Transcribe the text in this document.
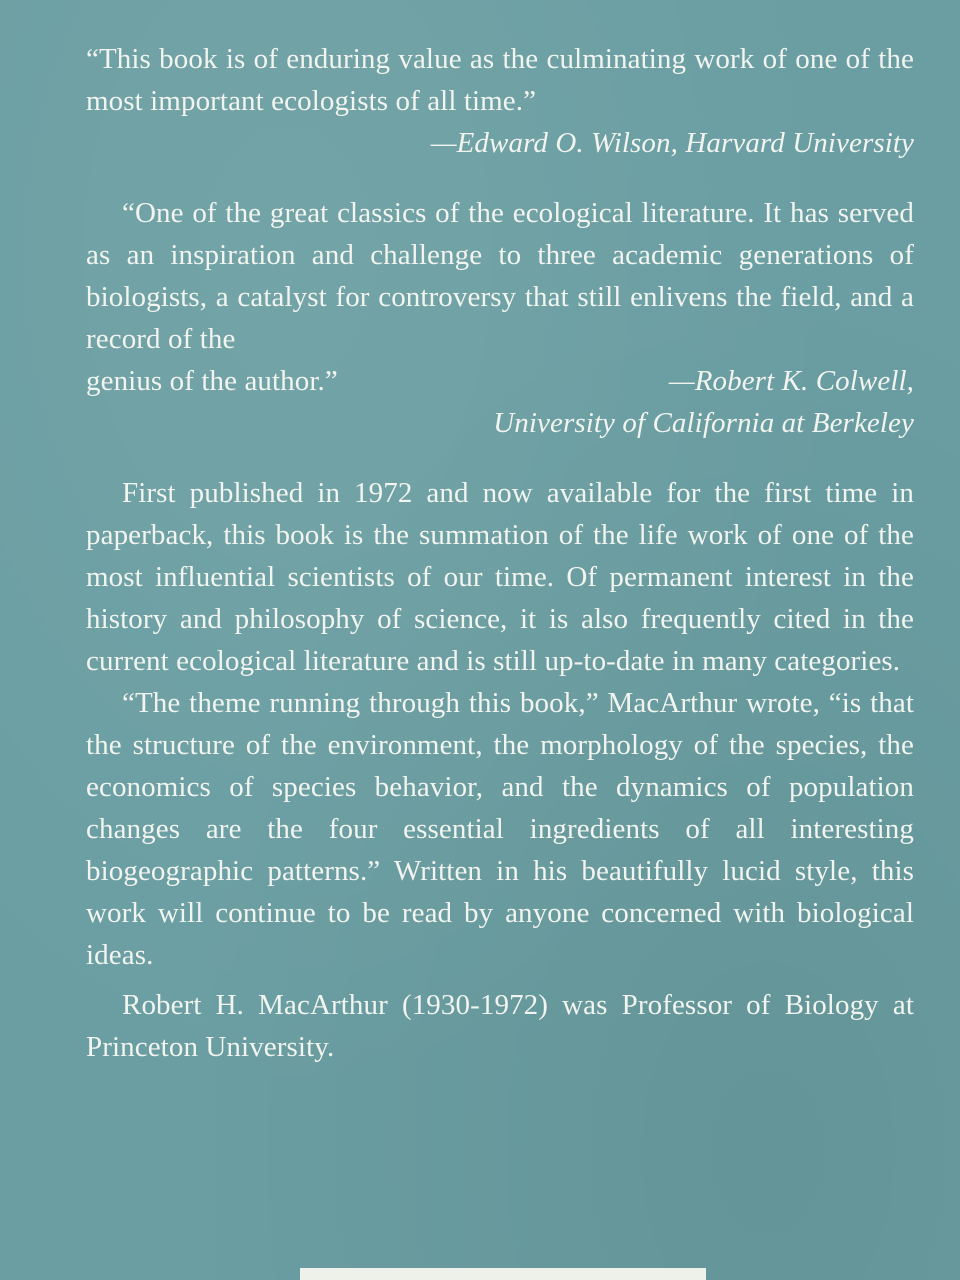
“This book is of enduring value as the culminating work of one of the most important ecologists of all time.”

—Edward O. Wilson, Harvard University

“One of the great classics of the ecological literature. It has served as an inspiration and challenge to three academic generations of biologists, a catalyst for controversy that still enlivens the field, and a record of the

genius of the author.”	—Robert K. Colwell,
University of California at Berkeley

First published in 1972 and now available for the first time in paperback, this book is the summation of the life work of one of the most influential scientists of our time. Of permanent interest in the history and philosophy of science, it is also frequently cited in the current ecological literature and is still up-to-date in many categories.

“The theme running through this book,” MacArthur wrote, “is that the structure of the environment, the morphology of the species, the economics of species behavior, and the dynamics of population changes are the four essential ingredients of all interesting biogeographic patterns.” Written in his beautifully lucid style, this work will continue to be read by anyone concerned with biological ideas.

Robert H. MacArthur (1930-1972) was Professor of Biology at Princeton University.
